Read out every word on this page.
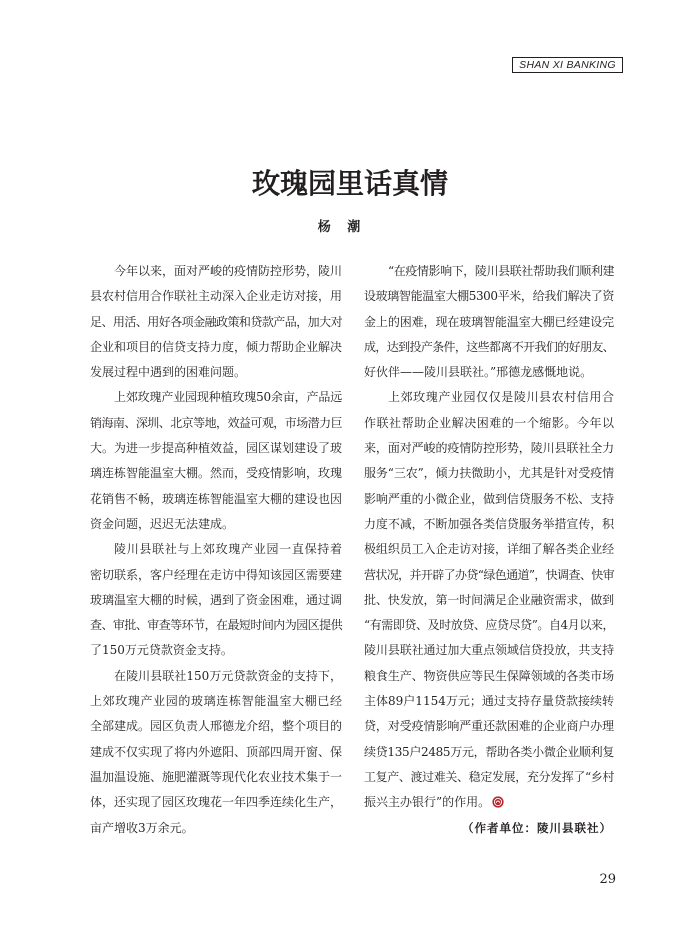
SHAN XI BANKING
玫瑰园里话真情
杨 潮
今年以来，面对严峻的疫情防控形势，陵川
县农村信用合作联社主动深入企业走访对接，用
足、用活、用好各项金融政策和贷款产品，加大对
企业和项目的信贷支持力度，倾力帮助企业解决
发展过程中遇到的困难问题。
上郊玫瑰产业园现种植玫瑰50余亩，产品远
销海南、深圳、北京等地，效益可观，市场潜力巨
大。为进一步提高种植效益，园区谋划建设了玻
璃连栋智能温室大棚。然而，受疫情影响，玫瑰
花销售不畅，玻璃连栋智能温室大棚的建设也因
资金问题，迟迟无法建成。
陵川县联社与上郊玫瑰产业园一直保持着
密切联系，客户经理在走访中得知该园区需要建
玻璃温室大棚的时候，遇到了资金困难，通过调
查、审批、审查等环节，在最短时间内为园区提供
了150万元贷款资金支持。
在陵川县联社150万元贷款资金的支持下，
上郊玫瑰产业园的玻璃连栋智能温室大棚已经
全部建成。园区负责人邢德龙介绍，整个项目的
建成不仅实现了将内外遮阳、顶部四周开窗、保
温加温设施、施肥灌溉等现代化农业技术集于一
体，还实现了园区玫瑰花一年四季连续化生产，
亩产增收3万余元。
“在疫情影响下，陵川县联社帮助我们顺利建
设玻璃智能温室大棚5300平米，给我们解决了资
金上的困难，现在玻璃智能温室大棚已经建设完
成，达到投产条件，这些都离不开我们的好朋友、
好伙伴——陵川县联社。”邢德龙感慨地说。
上郊玫瑰产业园仅仅是陵川县农村信用合
作联社帮助企业解决困难的一个缩影。今年以
来，面对严峻的疫情防控形势，陵川县联社全力
服务“三农”，倾力扶微助小，尤其是针对受疫情
影响严重的小微企业，做到信贷服务不松、支持
力度不减，不断加强各类信贷服务举措宣传，积
极组织员工入企走访对接，详细了解各类企业经
营状况，并开辟了办贷“绿色通道”，快调查、快审
批、快发放，第一时间满足企业融资需求，做到
“有需即贷、及时放贷、应贷尽贷”。自4月以来，
陵川县联社通过加大重点领域信贷投放，共支持
粮食生产、物资供应等民生保障领域的各类市场
主体89户1154万元；通过支持存量贷款接续转
贷，对受疫情影响严重还款困难的企业商户办理
续贷135户2485万元，帮助各类小微企业顺利复
工复产、渡过难关、稳定发展，充分发挥了“乡村
振兴主办银行”的作用。
（作者单位：陵川县联社）
29
